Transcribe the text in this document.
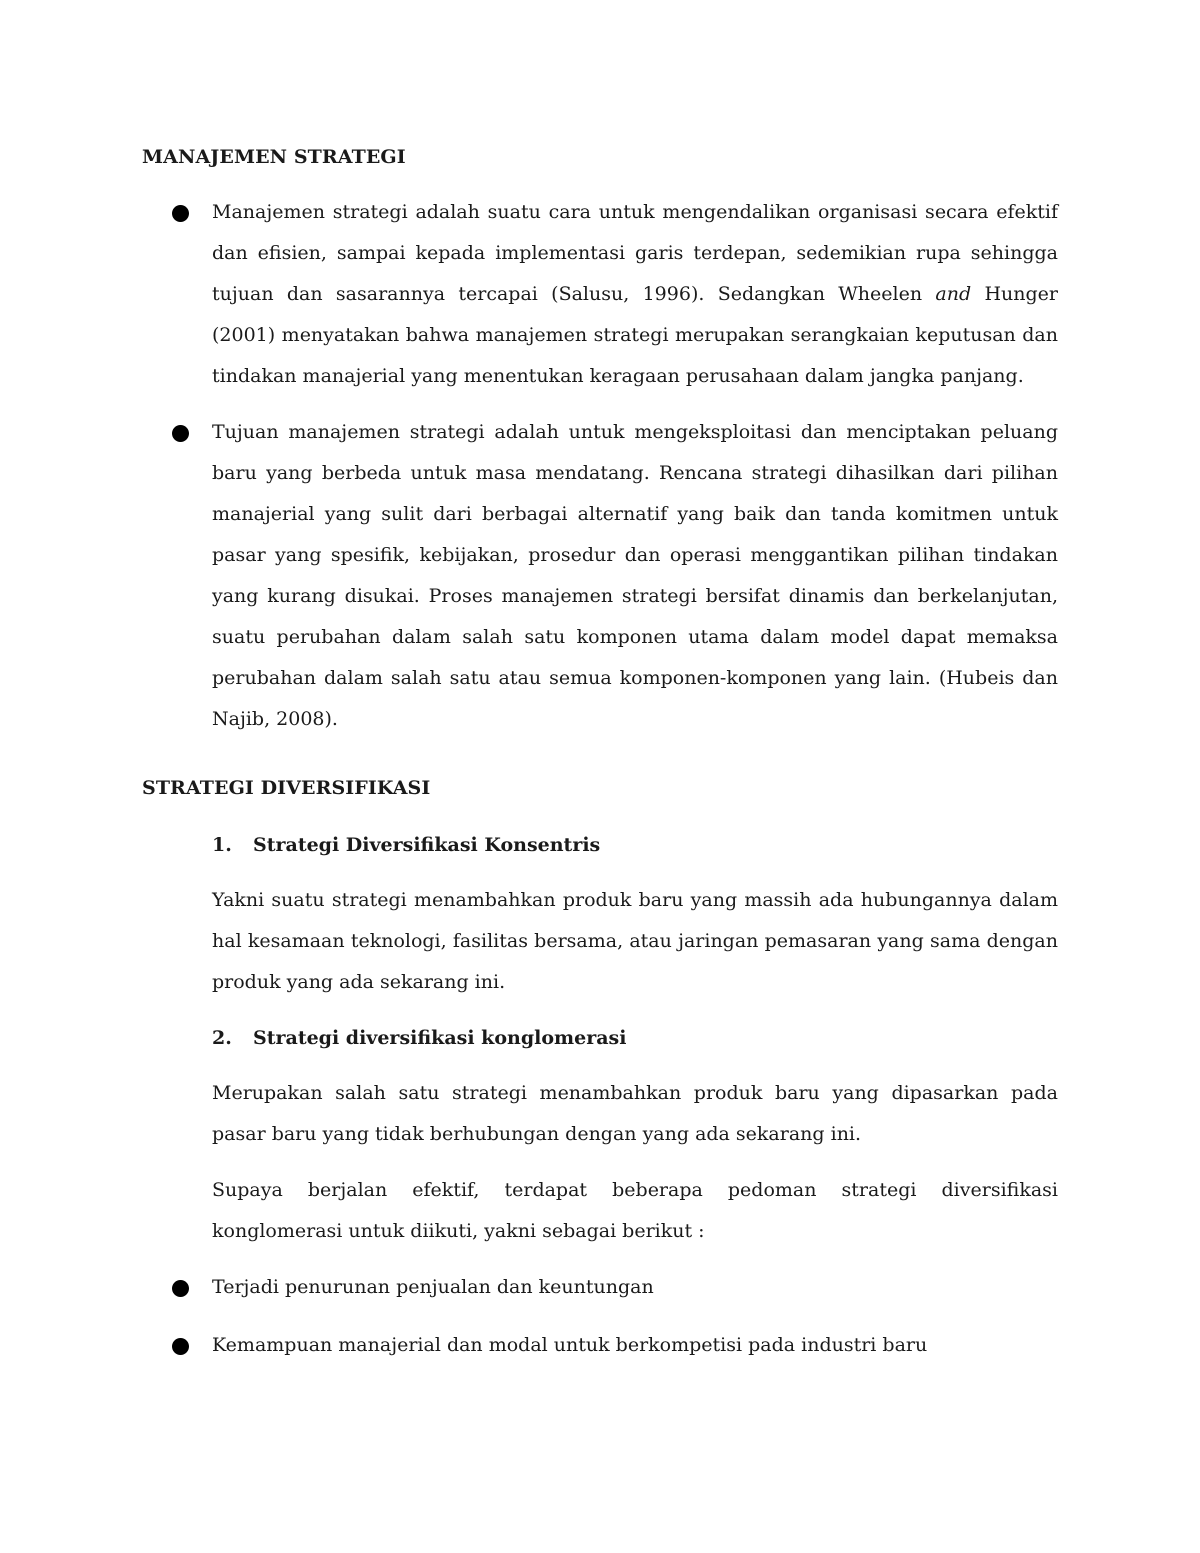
MANAJEMEN STRATEGI
Manajemen strategi adalah suatu cara untuk mengendalikan organisasi secara efektif dan efisien, sampai kepada implementasi garis terdepan, sedemikian rupa sehingga tujuan dan sasarannya tercapai (Salusu, 1996). Sedangkan Wheelen and Hunger (2001) menyatakan bahwa manajemen strategi merupakan serangkaian keputusan dan tindakan manajerial yang menentukan keragaan perusahaan dalam jangka panjang.
Tujuan manajemen strategi adalah untuk mengeksploitasi dan menciptakan peluang baru yang berbeda untuk masa mendatang. Rencana strategi dihasilkan dari pilihan manajerial yang sulit dari berbagai alternatif yang baik dan tanda komitmen untuk pasar yang spesifik, kebijakan, prosedur dan operasi menggantikan pilihan tindakan yang kurang disukai. Proses manajemen strategi bersifat dinamis dan berkelanjutan, suatu perubahan dalam salah satu komponen utama dalam model dapat memaksa perubahan dalam salah satu atau semua komponen-komponen yang lain. (Hubeis dan Najib, 2008).
STRATEGI DIVERSIFIKASI
1. Strategi Diversifikasi Konsentris
Yakni suatu strategi menambahkan produk baru yang massih ada hubungannya dalam hal kesamaan teknologi, fasilitas bersama, atau jaringan pemasaran yang sama dengan produk yang ada sekarang ini.
2. Strategi diversifikasi konglomerasi
Merupakan salah satu strategi menambahkan produk baru yang dipasarkan pada pasar baru yang tidak berhubungan dengan yang ada sekarang ini.
Supaya berjalan efektif, terdapat beberapa pedoman strategi diversifikasi konglomerasi untuk diikuti, yakni sebagai berikut :
Terjadi penurunan penjualan dan keuntungan
Kemampuan manajerial dan modal untuk berkompetisi pada industri baru
